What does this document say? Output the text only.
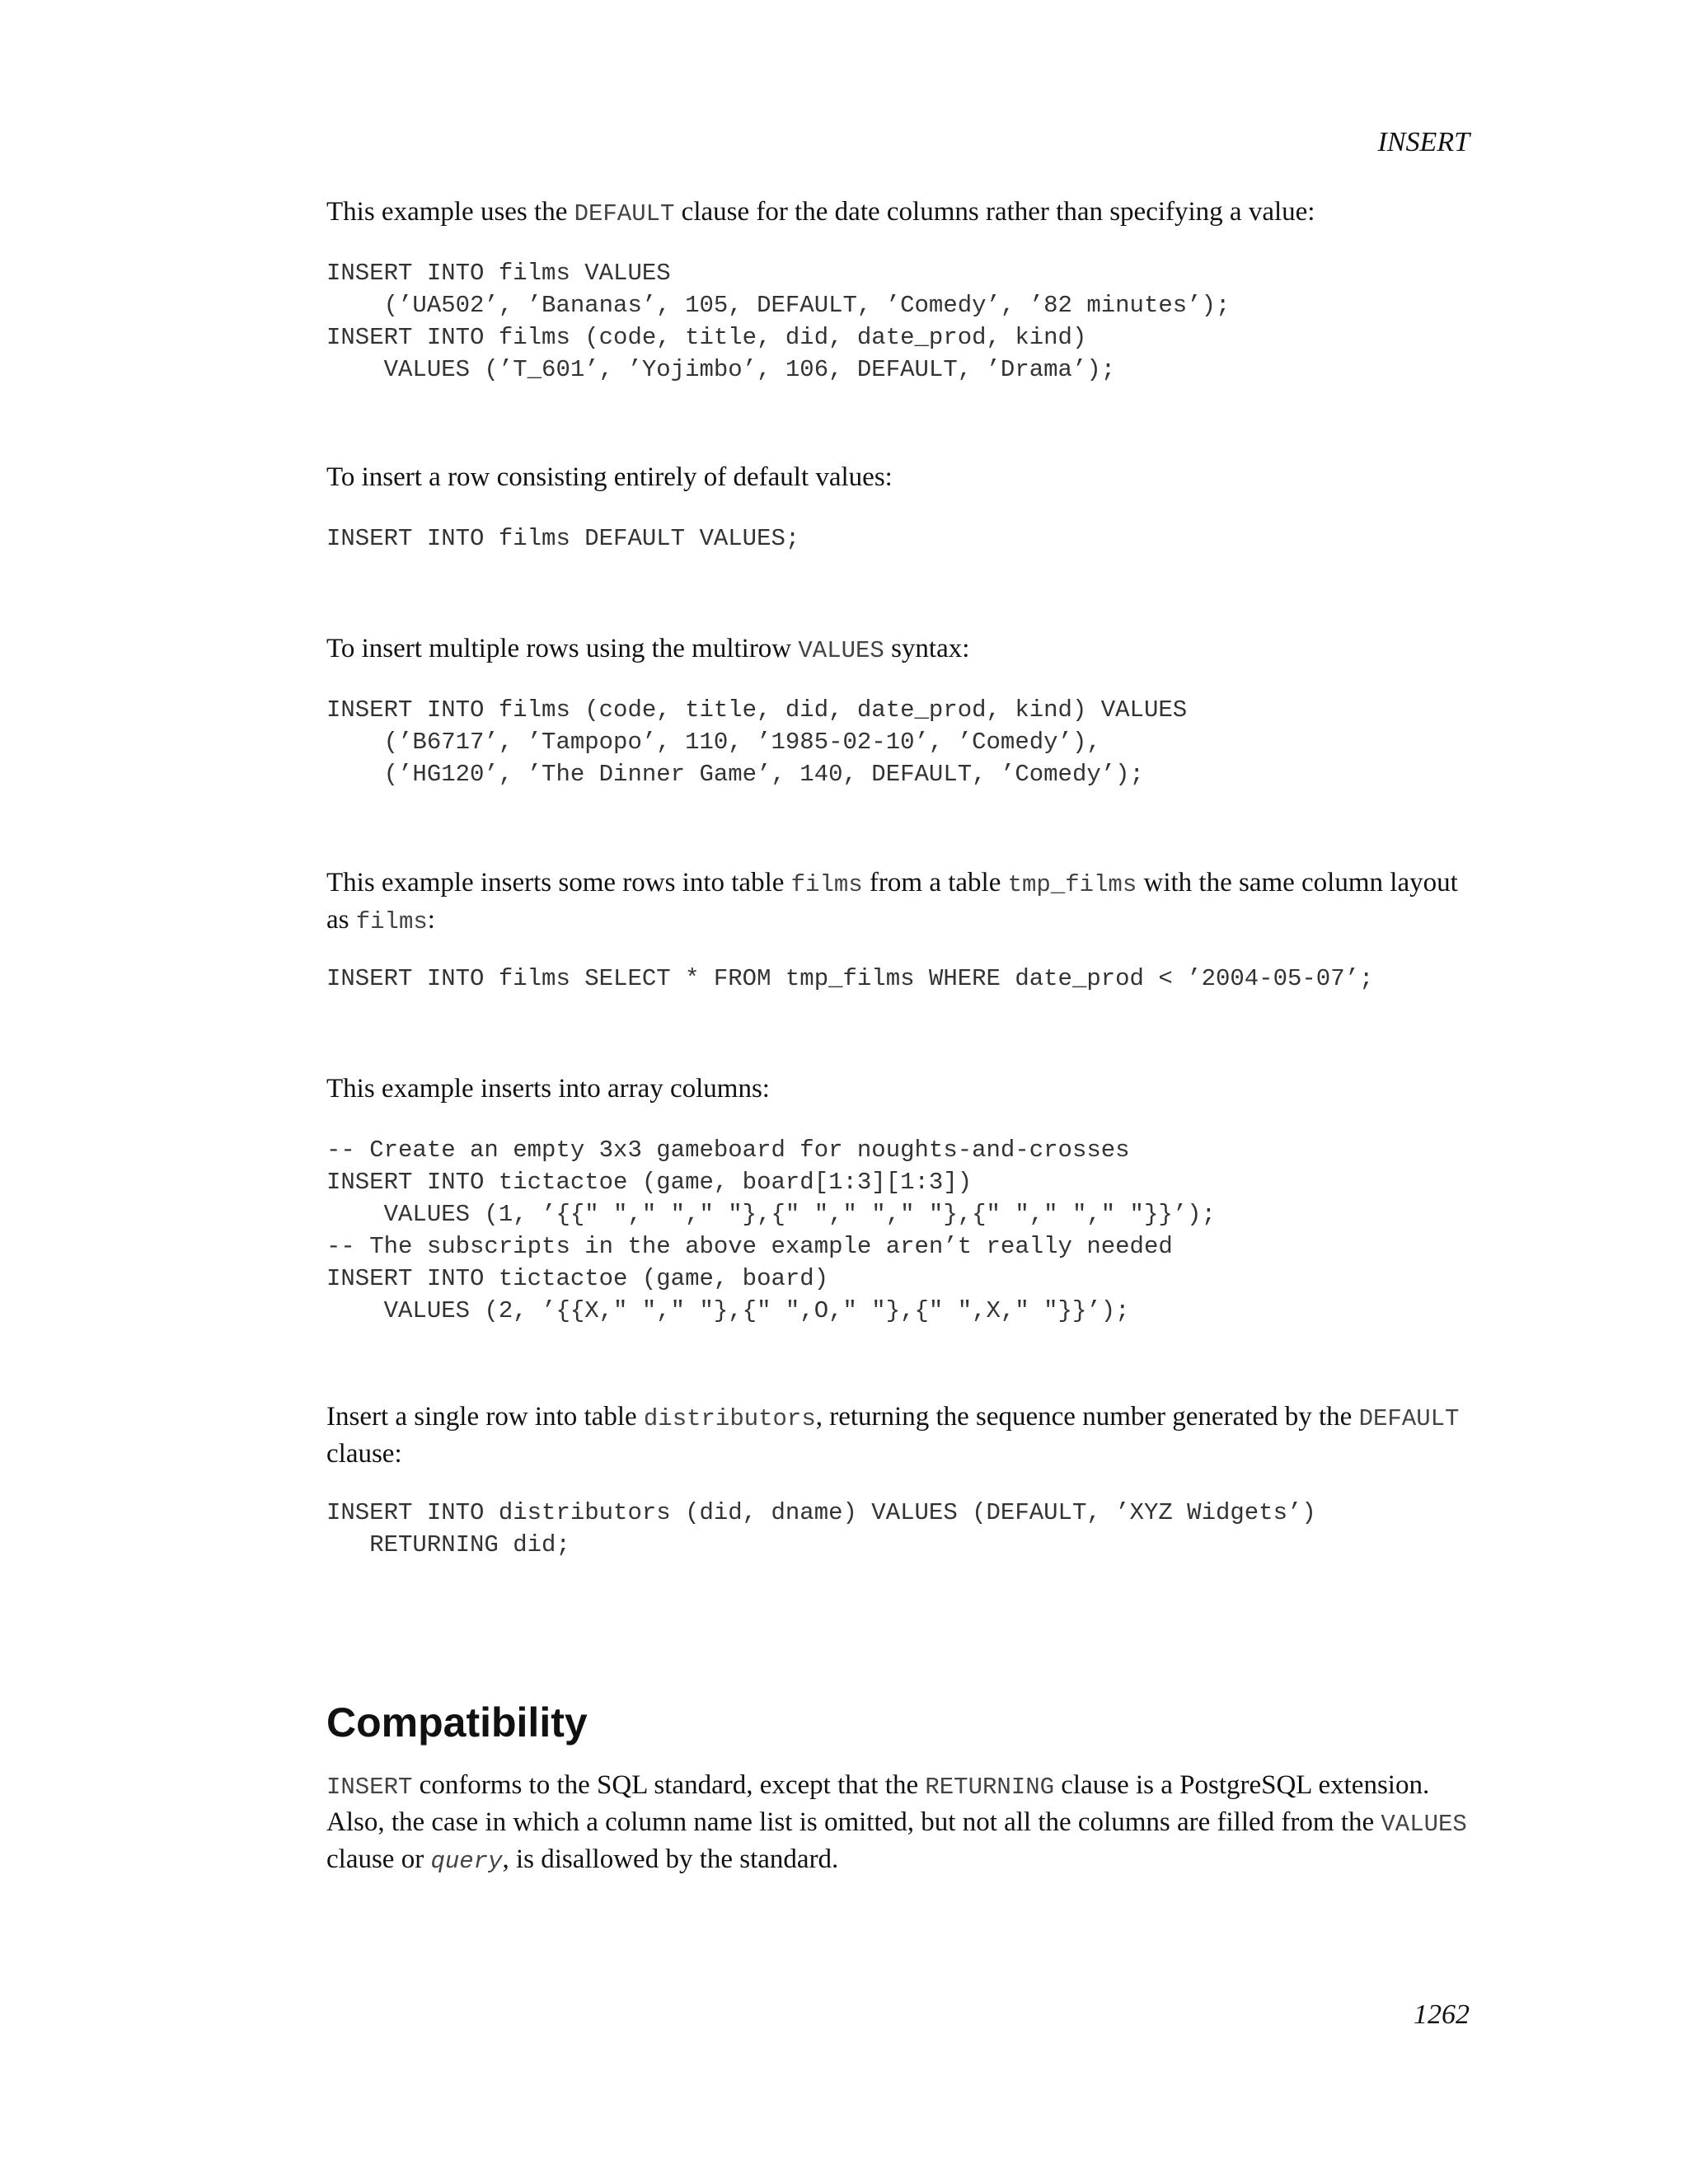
INSERT

This example uses the DEFAULT clause for the date columns rather than specifying a value:

INSERT INTO films VALUES
(’UA502’, ’Bananas’, 105, DEFAULT, ’Comedy’, ’82 minutes’);
INSERT INTO films (code, title, did, date_prod, kind)
VALUES (’T_601’, ’Yojimbo’, 106, DEFAULT, ’Drama’);

To insert a row consisting entirely of default values:

INSERT INTO films DEFAULT VALUES;

To insert multiple rows using the multirow VALUES syntax:

INSERT INTO films (code, title, did, date_prod, kind) VALUES
(’B6717’, ’Tampopo’, 110, ’1985-02-10’, ’Comedy’),
(’HG120’, ’The Dinner Game’, 140, DEFAULT, ’Comedy’);

This example inserts some rows into table films from a table tmp_films with the same column layout as films:

INSERT INTO films SELECT * FROM tmp_films WHERE date_prod < ’2004-05-07’;

This example inserts into array columns:

-- Create an empty 3x3 gameboard for noughts-and-crosses
INSERT INTO tictactoe (game, board[1:3][1:3])
VALUES (1, ’{{" "," "," "},{" "," "," "},{" "," "," "}}’);
-- The subscripts in the above example aren’t really needed
INSERT INTO tictactoe (game, board)
VALUES (2, ’{{X," "," "},{" ",O," "},{" ",X," "}}’);

Insert a single row into table distributors, returning the sequence number generated by the DEFAULT clause:

INSERT INTO distributors (did, dname) VALUES (DEFAULT, ’XYZ Widgets’)
RETURNING did;
Compatibility

INSERT conforms to the SQL standard, except that the RETURNING clause is a PostgreSQL extension. Also, the case in which a column name list is omitted, but not all the columns are filled from the VALUES clause or query, is disallowed by the standard.

1262
